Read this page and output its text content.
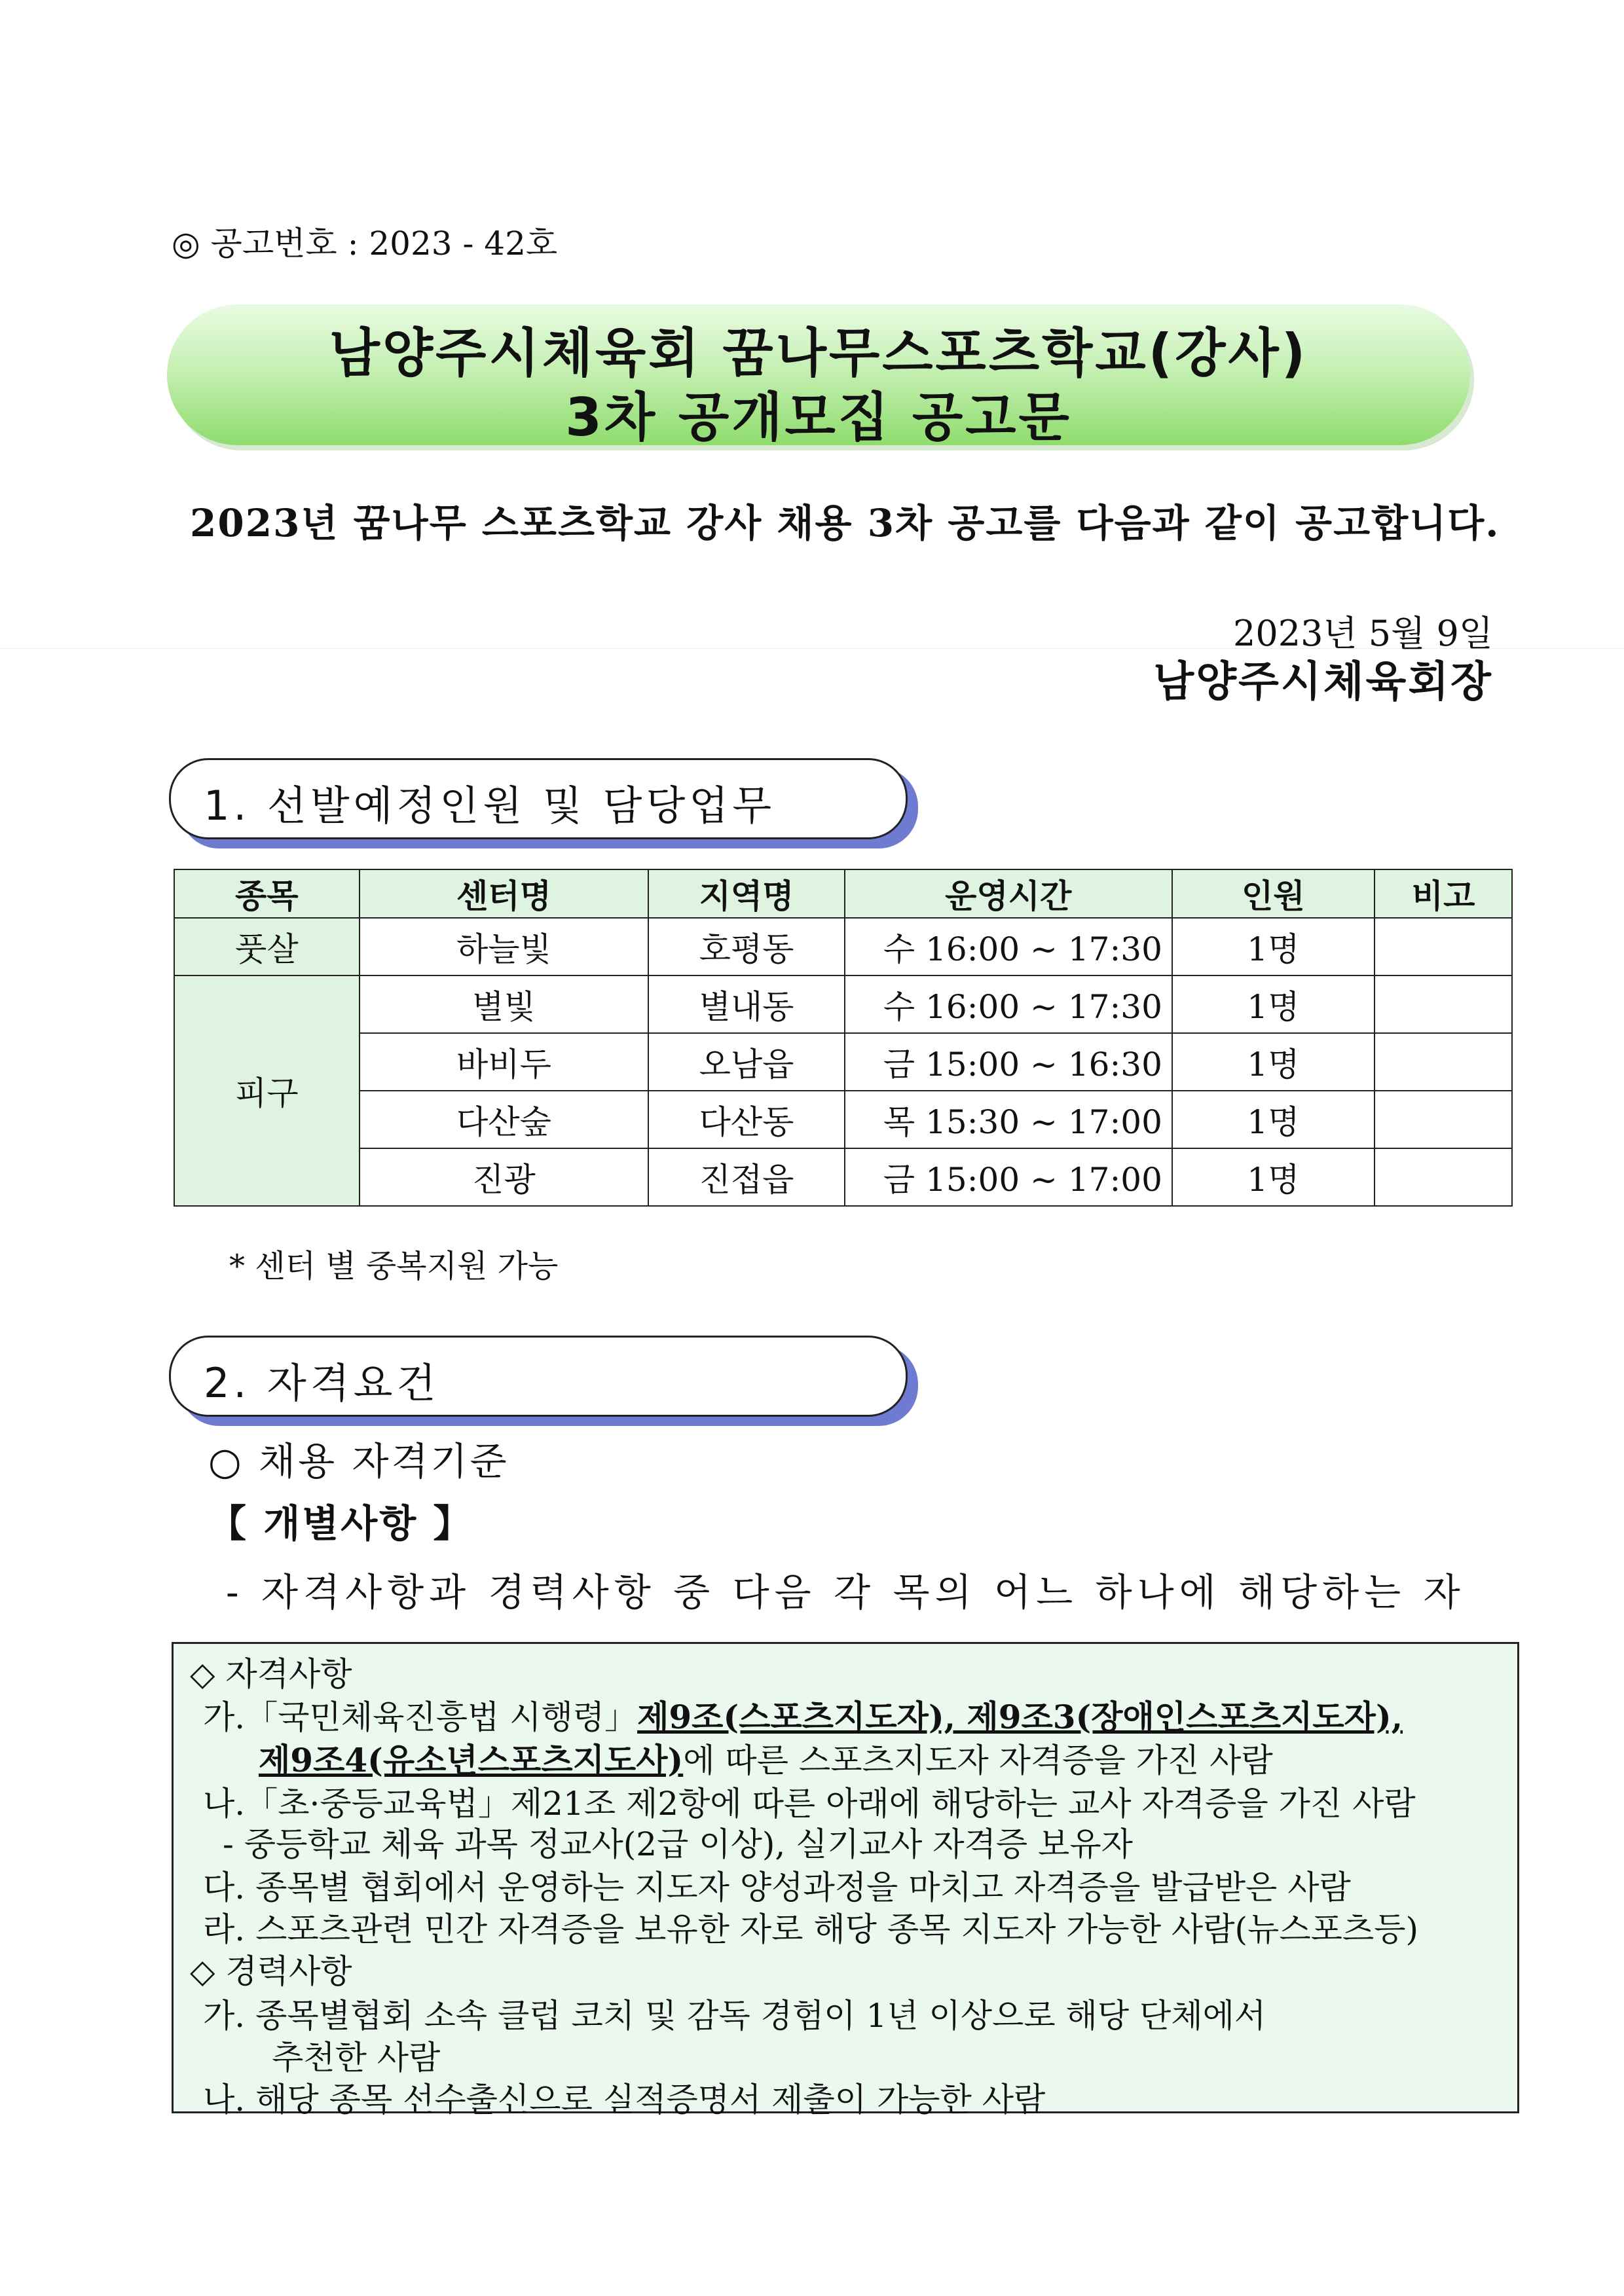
◎ 공고번호 : 2023 - 42호
남양주시체육회 꿈나무스포츠학교(강사)
3차 공개모집 공고문
2023년 꿈나무 스포츠학교 강사 채용 3차 공고를 다음과 같이 공고합니다.
2023년 5월 9일
남양주시체육회장
1. 선발예정인원 및 담당업무
종목	센터명	지역명	운영시간	인원	비고
풋살	하늘빛	호평동	수 16:00 ~ 17:30	1명	
피구	별빛	별내동	수 16:00 ~ 17:30	1명	
	바비두	오남읍	금 15:00 ~ 16:30	1명	
	다산숲	다산동	목 15:30 ~ 17:00	1명	
	진광	진접읍	금 15:00 ~ 17:00	1명	
* 센터 별 중복지원 가능
2. 자격요건
○ 채용 자격기준
【 개별사항 】
- 자격사항과 경력사항 중 다음 각 목의 어느 하나에 해당하는 자
◇ 자격사항
가.「국민체육진흥법 시행령」제9조(스포츠지도자), 제9조3(장애인스포츠지도자),
제9조4(유소년스포츠지도사)에 따른 스포츠지도자 자격증을 가진 사람
나.「초·중등교육법」제21조 제2항에 따른 아래에 해당하는 교사 자격증을 가진 사람
- 중등학교 체육 과목 정교사(2급 이상), 실기교사 자격증 보유자
다. 종목별 협회에서 운영하는 지도자 양성과정을 마치고 자격증을 발급받은 사람
라. 스포츠관련 민간 자격증을 보유한 자로 해당 종목 지도자 가능한 사람(뉴스포츠등)
◇ 경력사항
가. 종목별협회 소속 클럽 코치 및 감독 경험이 1년 이상으로 해당 단체에서
추천한 사람
나. 해당 종목 선수출신으로 실적증명서 제출이 가능한 사람
